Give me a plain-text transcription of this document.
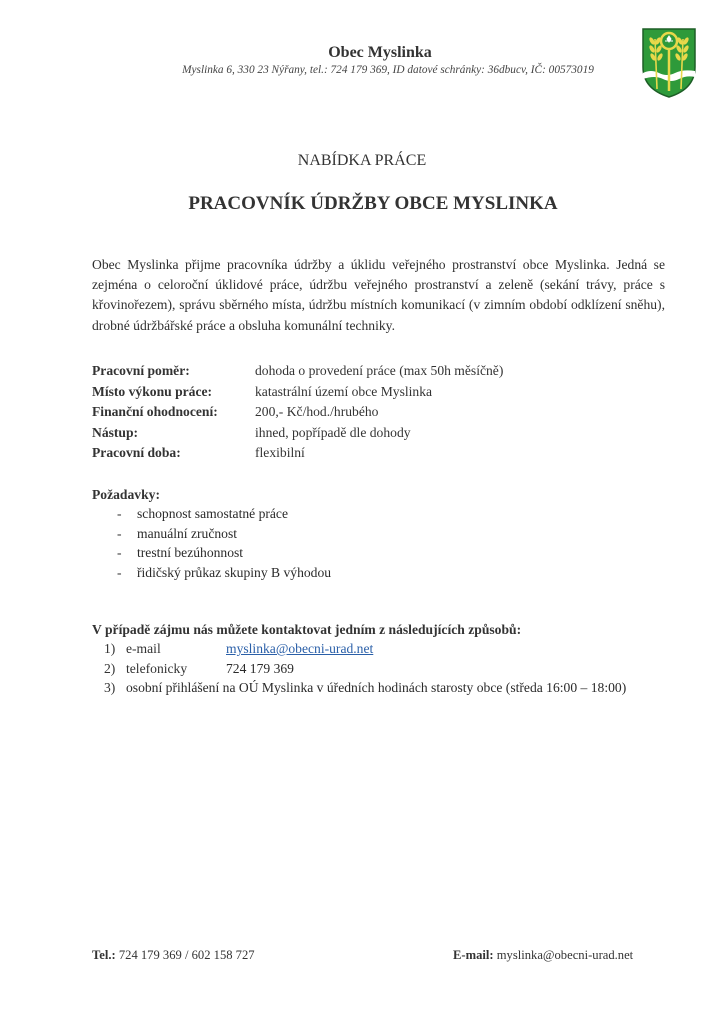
Obec Myslinka
Myslinka 6, 330 23 Nýřany, tel.: 724 179 369, ID datové schránky: 36dbucv, IČ: 00573019
NABÍDKA PRÁCE
PRACOVNÍK ÚDRŽBY OBCE MYSLINKA
Obec Myslinka přijme pracovníka údržby a úklidu veřejného prostranství obce Myslinka. Jedná se zejména o celoroční úklidové práce, údržbu veřejného prostranství a zeleně (sekání trávy, práce s křovinořezem), správu sběrného místa, údržbu místních komunikací (v zimním období odklízení sněhu), drobné údržbářské práce a obsluha komunální techniky.
Pracovní poměr:	dohoda o provedení práce (max 50h měsíčně)
Místo výkonu práce:	katastrální území obce Myslinka
Finanční ohodnocení:	200,- Kč/hod./hrubého
Nástup:	ihned, popřípadě dle dohody
Pracovní doba:	flexibilní
Požadavky:
-	schopnost samostatné práce
-	manuální zručnost
-	trestní bezúhonnost
-	řidičský průkaz skupiny B výhodou
V případě zájmu nás můžete kontaktovat jedním z následujících způsobů:
1) e-mail	myslinka@obecni-urad.net
2) telefonicky	724 179 369
3) osobní přihlášení na OÚ Myslinka v úředních hodinách starosty obce (středa 16:00 – 18:00)
Tel.: 724 179 369 / 602 158 727	E-mail: myslinka@obecni-urad.net
